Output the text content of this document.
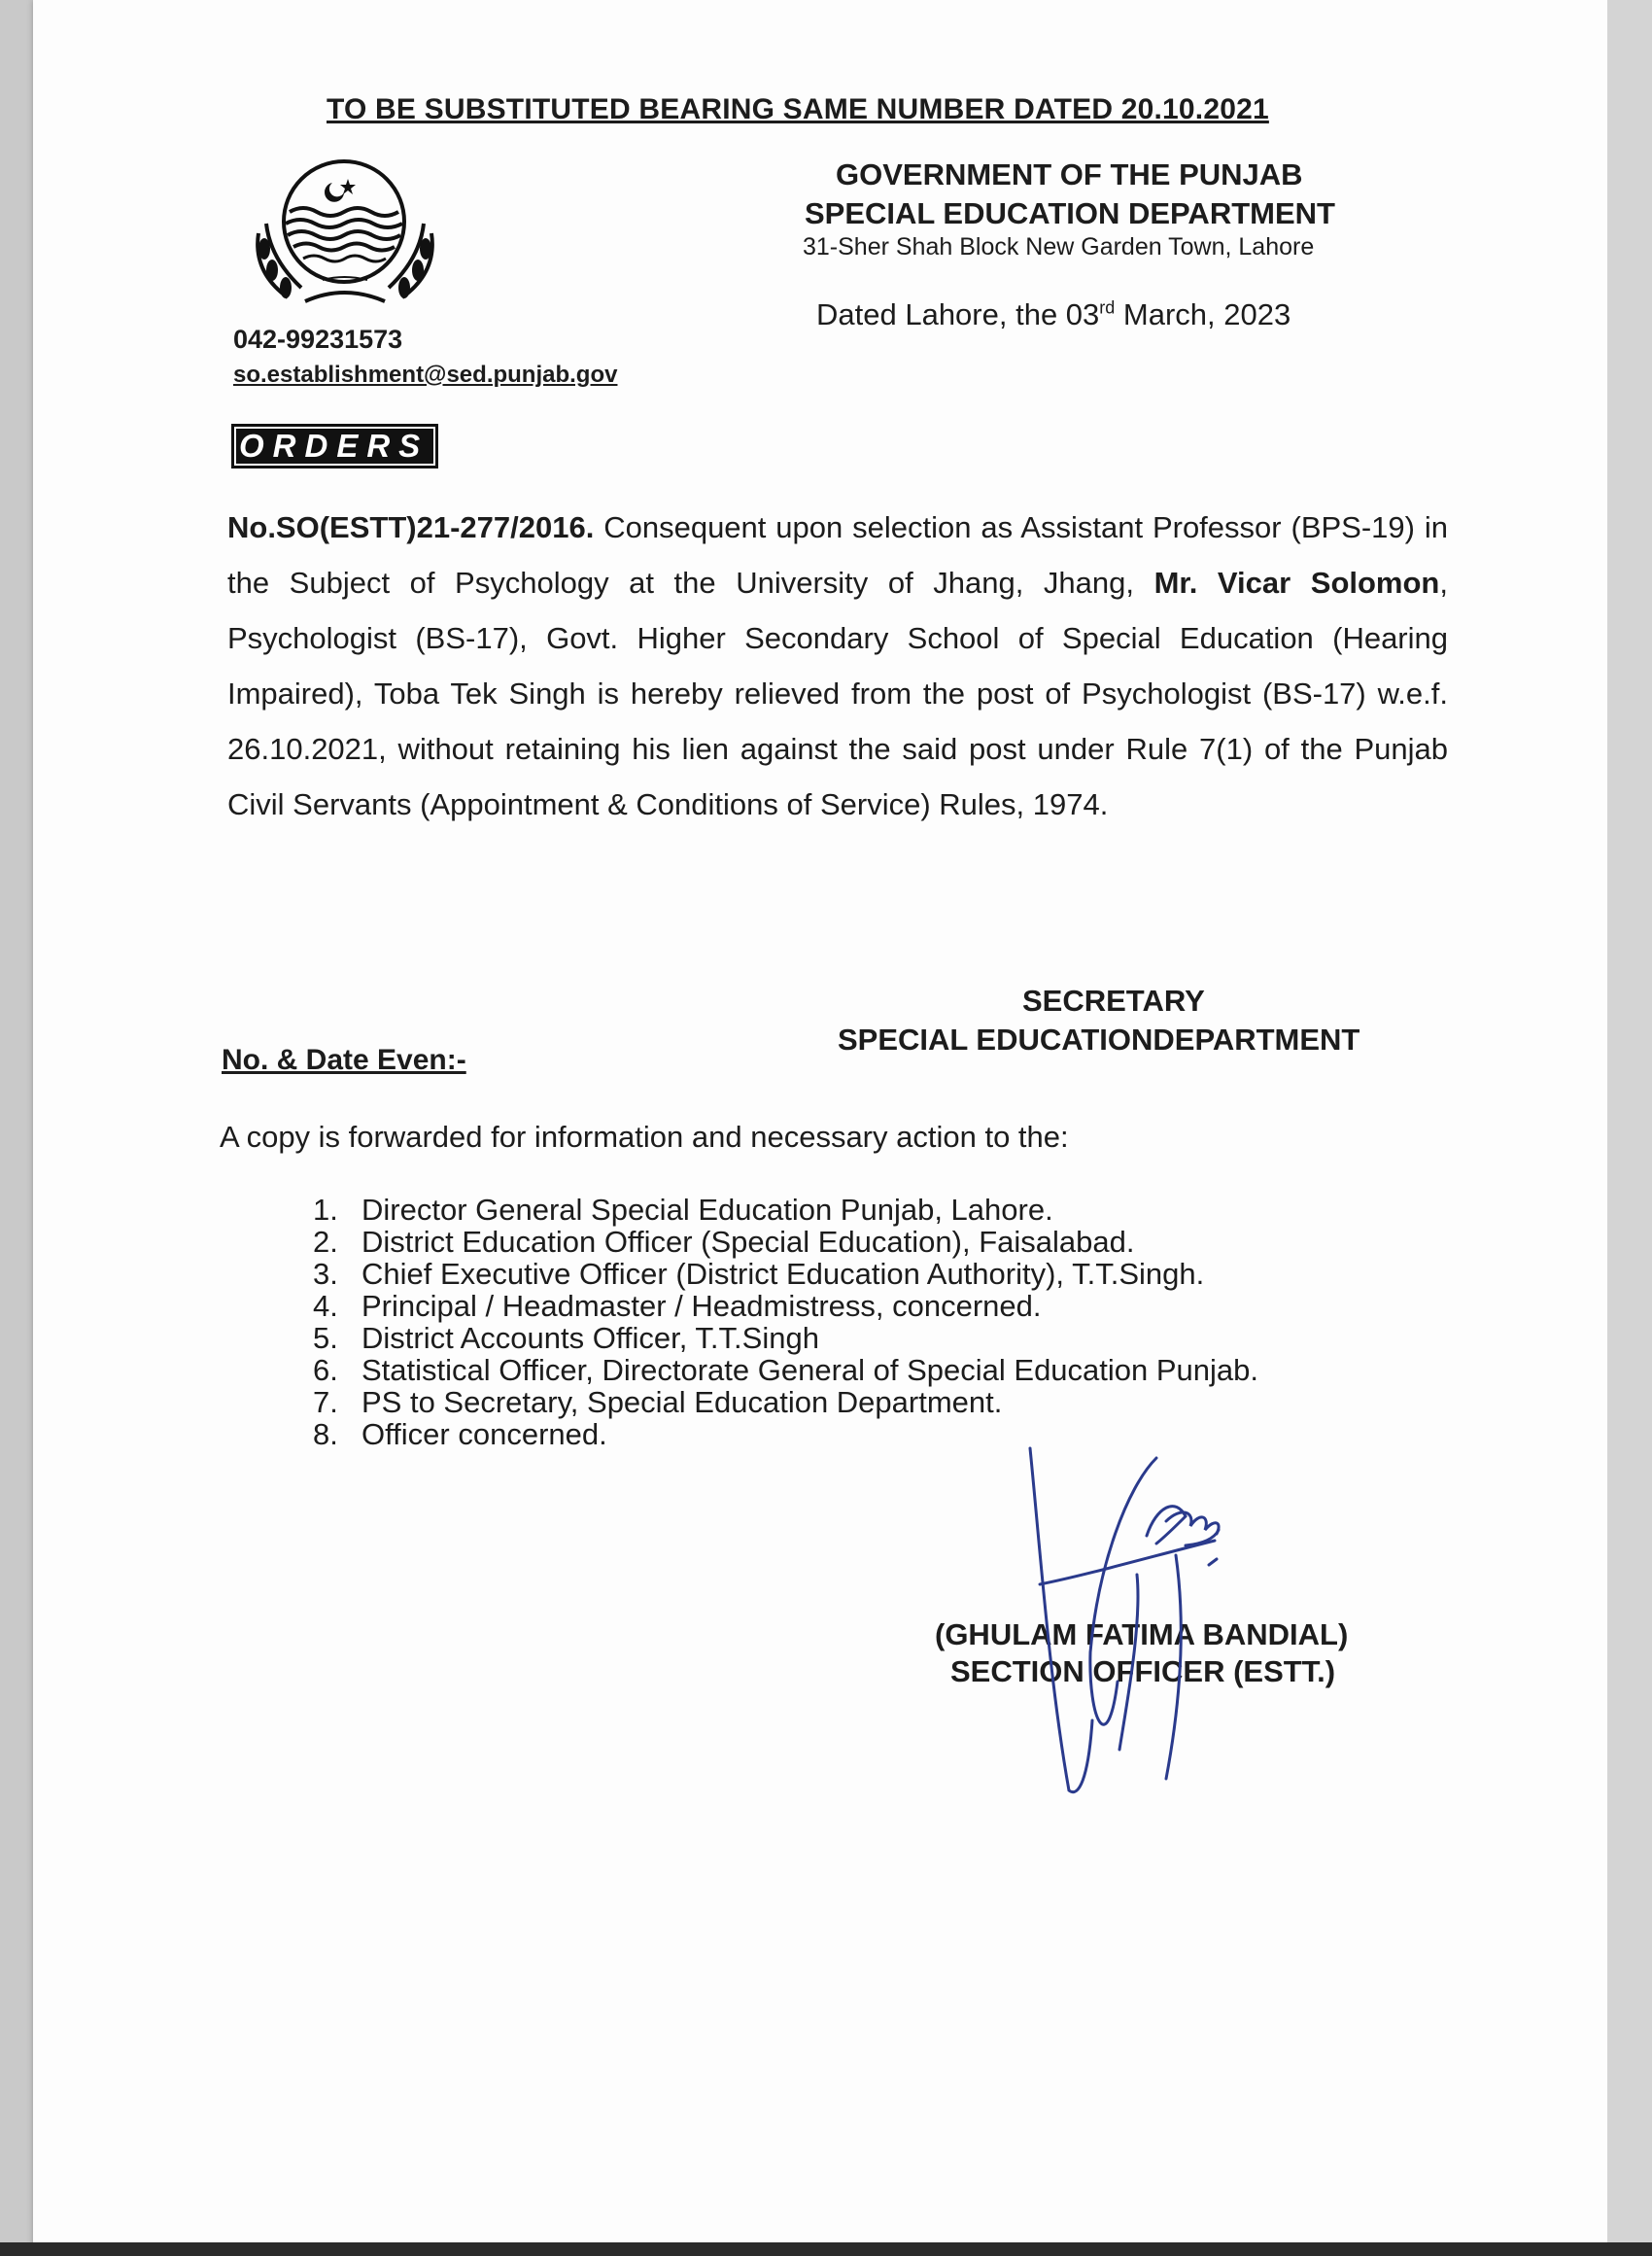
TO BE SUBSTITUTED BEARING SAME NUMBER DATED 20.10.2021
GOVERNMENT OF THE PUNJAB
SPECIAL EDUCATION DEPARTMENT
31-Sher Shah Block New Garden Town, Lahore
Dated Lahore, the 03rd March, 2023
042-99231573
so.establishment@sed.punjab.gov
ORDERS
No.SO(ESTT)21-277/2016. Consequent upon selection as Assistant Professor (BPS-19) in the Subject of Psychology at the University of Jhang, Jhang, Mr. Vicar Solomon, Psychologist (BS-17), Govt. Higher Secondary School of Special Education (Hearing Impaired), Toba Tek Singh is hereby relieved from the post of Psychologist (BS-17) w.e.f. 26.10.2021, without retaining his lien against the said post under Rule 7(1) of the Punjab Civil Servants (Appointment & Conditions of Service) Rules, 1974.
SECRETARY
SPECIAL EDUCATIONDEPARTMENT
No. & Date Even:-
A copy is forwarded for information and necessary action to the:
1. Director General Special Education Punjab, Lahore.
2. District Education Officer (Special Education), Faisalabad.
3. Chief Executive Officer (District Education Authority), T.T.Singh.
4. Principal / Headmaster / Headmistress, concerned.
5. District Accounts Officer, T.T.Singh
6. Statistical Officer, Directorate General of Special Education Punjab.
7. PS to Secretary, Special Education Department.
8. Officer concerned.
(GHULAM FATIMA BANDIAL)
SECTION OFFICER (ESTT.)
